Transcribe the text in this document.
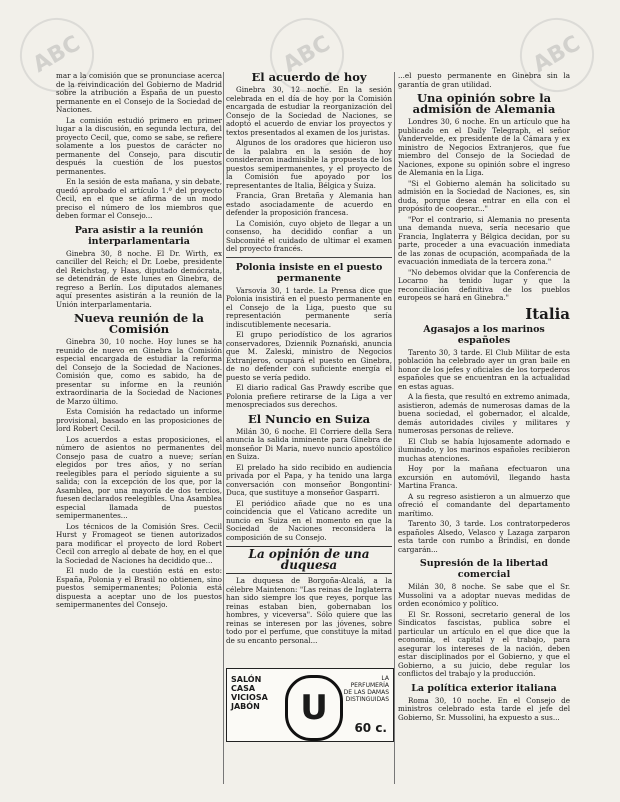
ABC	ABC	ABC

mar a la comisión que se pronunciase acerca de la reivindicación del Gobierno de Madrid sobre la atribución a España de un puesto permanente en el Consejo de la Sociedad de Naciones.

La comisión estudió primero en primer lugar a la discusión, en segunda lectura, del proyecto Cecil, que, como se sabe, se refiere solamente a los puestos de carácter no permanente del Consejo, para discutir después la cuestión de los puestos permanentes.

En la sesión de esta mañana, y sin debate, quedó aprobado el artículo 1.º del proyecto Cecil, en el que se afirma de un modo preciso el número de los miembros que deben formar el Consejo...

Para asistir a la reunión interparlamentaria

Ginebra 30, 8 noche. El Dr. Wirth, ex canciller del Reich; el Dr. Loebe, presidente del Reichstag, y Haas, diputado demócrata, se detendrán de este lunes en Ginebra, de regreso a Berlín. Los diputados alemanes aquí presentes asistirán a la reunión de la Unión interparlamentaria.

Nueva reunión de la Comisión

Ginebra 30, 10 noche. Hoy lunes se ha reunido de nuevo en Ginebra la Comisión especial encargada de estudiar la reforma del Consejo de la Sociedad de Naciones. Comisión que, como es sabido, ha de presentar su informe en la reunión extraordinaria de la Sociedad de Naciones de Marzo último.

Esta Comisión ha redactado un informe provisional, basado en las proposiciones de lord Robert Cecil.

Los acuerdos a estas proposiciones, el número de asientos no permanentes del Consejo pasa de cuatro a nueve; serían elegidos por tres años, y no serían reelegibles para el período siguiente a su salida; con la excepción de los que, por la Asamblea, por una mayoría de dos tercios, fuesen declarados reelegibles. Una Asamblea especial llamada de puestos semipermanentes...

Los técnicos de la Comisión Sres. Cecil Hurst y Fromageot se tienen autorizados para modificar el proyecto de lord Robert Cecil con arreglo al debate de hoy, en el que la Sociedad de Naciones ha decidido que...

El nudo de la cuestión está en esto: España, Polonia y el Brasil no obtienen, sino puestos semipermanentes; Polonia está dispuesta a aceptar uno de los puestos semipermanentes del Consejo.

El acuerdo de hoy

Ginebra 30, 12 noche. En la sesión celebrada en el día de hoy por la Comisión encargada de estudiar la reorganización del Consejo de la Sociedad de Naciones, se adoptó el acuerdo de enviar los proyectos y textos presentados al examen de los juristas.

Algunos de los oradores que hicieron uso de la palabra en la sesión de hoy consideraron inadmisible la propuesta de los puestos semipermanentes, y el proyecto de la Comisión fue apoyado por los representantes de Italia, Bélgica y Suiza.

Francia, Gran Bretaña y Alemania han estado asociadamente de acuerdo en defender la proposición francesa.

La Comisión, cuyo objeto de llegar a un consenso, ha decidido confiar a un Subcomité el cuidado de ultimar el examen del proyecto francés.

Polonia insiste en el puesto permanente

Varsovia 30, 1 tarde. La Prensa dice que Polonia insistirá en el puesto permanente en el Consejo de la Liga, puesto que su representación permanente sería indiscutiblemente necesaria.

El grupo periodístico de los agrarios conservadores, Dziennik Poznański, anuncia que M. Zaleski, ministro de Negocios Extranjeros, ocupará el puesto en Ginebra, de no defender con suficiente energía el puesto se vería pedido.

El diario radical Gas Prawdy escribe que Polonia prefiere retirarse de la Liga a ver menospreciados sus derechos.

El Nuncio en Suiza

Milán 30, 6 noche. El Corriere della Sera anuncia la salida inminente para Ginebra de monseñor Di Maria, nuevo nuncio apostólico en Suiza.

El prelado ha sido recibido en audiencia privada por el Papa, y ha tenido una larga conversación con monseñor Bongontini-Duca, que sustituye a monseñor Gasparri.

El periódico añade que no es una coincidencia que el Vaticano acredite un nuncio en Suiza en el momento en que la Sociedad de Naciones reconsidera la composición de su Consejo.

La opinión de una duquesa

La duquesa de Borgoña-Alcalá, a la célebre Maintenon: "Las reinas de Inglaterra han sido siempre los que reyes, porque las reinas estaban bien, gobernaban los hombres, y viceversa". Sólo quiere que las reinas se interesen por las jóvenes, sobre todo por el perfume, que constituye la mitad de su encanto personal...

SALÓN
CASA
VICIOSA
JABÓN	U
LA PERFUMERÍA DE LAS DAMAS DISTINGUIDAS
60 c.

...el puesto permanente en Ginebra sin la garantía de gran utilidad.

Una opinión sobre la admisión de Alemania

Londres 30, 6 noche. En un artículo que ha publicado en el Daily Telegraph, el señor Vandervelde, ex presidente de la Cámara y ex ministro de Negocios Extranjeros, que fue miembro del Consejo de la Sociedad de Naciones, expone su opinión sobre el ingreso de Alemania en la Liga.

"Si el Gobierno alemán ha solicitado su admisión en la Sociedad de Naciones, es, sin duda, porque desea entrar en ella con el propósito de cooperar..."

"Por el contrario, si Alemania no presenta una demanda nueva, sería necesario que Francia, Inglaterra y Bélgica decidan, por su parte, proceder a una evacuación inmediata de las zonas de ocupación, acompañada de la evacuación inmediata de la tercera zona."

"No debemos olvidar que la Conferencia de Locarno ha tenido lugar y que la reconciliación definitiva de los pueblos europeos se hará en Ginebra."

Italia
Agasajos a los marinos españoles

Tarento 30, 3 tarde. El Club Militar de esta población ha celebrado ayer un gran baile en honor de los jefes y oficiales de los torpederos españoles que se encuentran en la actualidad en estas aguas.

A la fiesta, que resultó en extremo animada, asistieron, además de numerosas damas de la buena sociedad, el gobernador, el alcalde, demás autoridades civiles y militares y numerosas personas de relieve.

El Club se había lujosamente adornado e iluminado, y los marinos españoles recibieron muchas atenciones.

Hoy por la mañana efectuaron una excursión en automóvil, llegando hasta Martina Franca.

A su regreso asistieron a un almuerzo que ofreció el comandante del departamento marítimo.

Tarento 30, 3 tarde. Los contratorpederos españoles Alsedo, Velasco y Lazaga zarparon esta tarde con rumbo a Brindisi, en donde cargarán...

Supresión de la libertad comercial

Milán 30, 8 noche. Se sabe que el Sr. Mussolini va a adoptar nuevas medidas de orden económico y político.

El Sr. Rossoni, secretario general de los Sindicatos fascistas, publica sobre el particular un artículo en el que dice que la economía, el capital y el trabajo, para asegurar los intereses de la nación, deben estar disciplinados por el Gobierno, y que el Gobierno, a su juicio, debe regular los conflictos del trabajo y la producción.

La política exterior italiana

Roma 30, 10 noche. En el Consejo de ministros celebrado esta tarde el jefe del Gobierno, Sr. Mussolini, ha expuesto a sus...
